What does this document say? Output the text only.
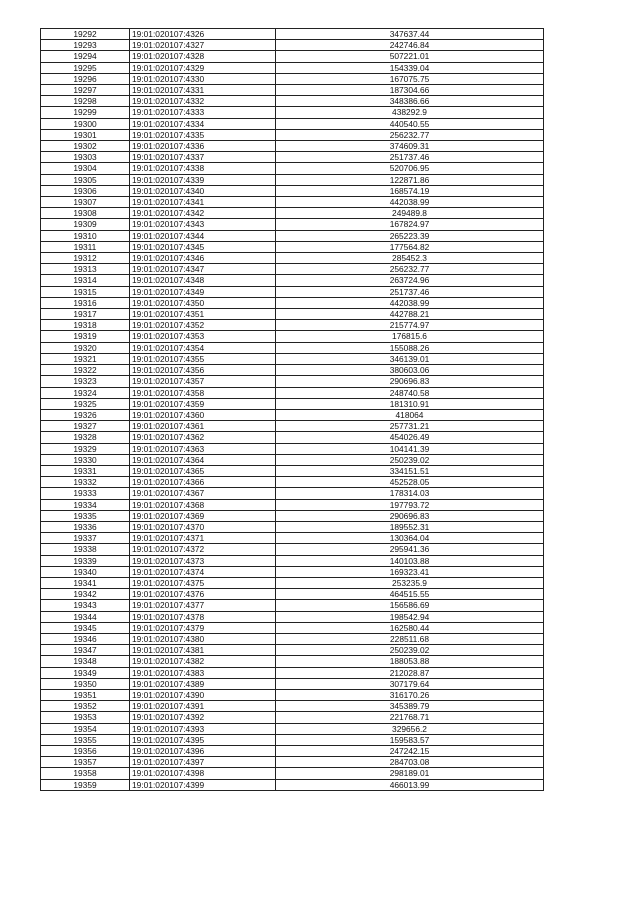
19292	19:01:020107:4326	347637.44
19293	19:01:020107:4327	242746.84
19294	19:01:020107:4328	507221.01
19295	19:01:020107:4329	154339.04
19296	19:01:020107:4330	167075.75
19297	19:01:020107:4331	187304.66
19298	19:01:020107:4332	348386.66
19299	19:01:020107:4333	438292.9
19300	19:01:020107:4334	440540.55
19301	19:01:020107:4335	256232.77
19302	19:01:020107:4336	374609.31
19303	19:01:020107:4337	251737.46
19304	19:01:020107:4338	520706.95
19305	19:01:020107:4339	122871.86
19306	19:01:020107:4340	168574.19
19307	19:01:020107:4341	442038.99
19308	19:01:020107:4342	249489.8
19309	19:01:020107:4343	167824.97
19310	19:01:020107:4344	265223.39
19311	19:01:020107:4345	177564.82
19312	19:01:020107:4346	285452.3
19313	19:01:020107:4347	256232.77
19314	19:01:020107:4348	263724.96
19315	19:01:020107:4349	251737.46
19316	19:01:020107:4350	442038.99
19317	19:01:020107:4351	442788.21
19318	19:01:020107:4352	215774.97
19319	19:01:020107:4353	176815.6
19320	19:01:020107:4354	155088.26
19321	19:01:020107:4355	346139.01
19322	19:01:020107:4356	380603.06
19323	19:01:020107:4357	290696.83
19324	19:01:020107:4358	248740.58
19325	19:01:020107:4359	181310.91
19326	19:01:020107:4360	418064
19327	19:01:020107:4361	257731.21
19328	19:01:020107:4362	454026.49
19329	19:01:020107:4363	104141.39
19330	19:01:020107:4364	250239.02
19331	19:01:020107:4365	334151.51
19332	19:01:020107:4366	452528.05
19333	19:01:020107:4367	178314.03
19334	19:01:020107:4368	197793.72
19335	19:01:020107:4369	290696.83
19336	19:01:020107:4370	189552.31
19337	19:01:020107:4371	130364.04
19338	19:01:020107:4372	295941.36
19339	19:01:020107:4373	140103.88
19340	19:01:020107:4374	169323.41
19341	19:01:020107:4375	253235.9
19342	19:01:020107:4376	464515.55
19343	19:01:020107:4377	156586.69
19344	19:01:020107:4378	198542.94
19345	19:01:020107:4379	162580.44
19346	19:01:020107:4380	228511.68
19347	19:01:020107:4381	250239.02
19348	19:01:020107:4382	188053.88
19349	19:01:020107:4383	212028.87
19350	19:01:020107:4389	307179.64
19351	19:01:020107:4390	316170.26
19352	19:01:020107:4391	345389.79
19353	19:01:020107:4392	221768.71
19354	19:01:020107:4393	329656.2
19355	19:01:020107:4395	159583.57
19356	19:01:020107:4396	247242.15
19357	19:01:020107:4397	284703.08
19358	19:01:020107:4398	298189.01
19359	19:01:020107:4399	466013.99
